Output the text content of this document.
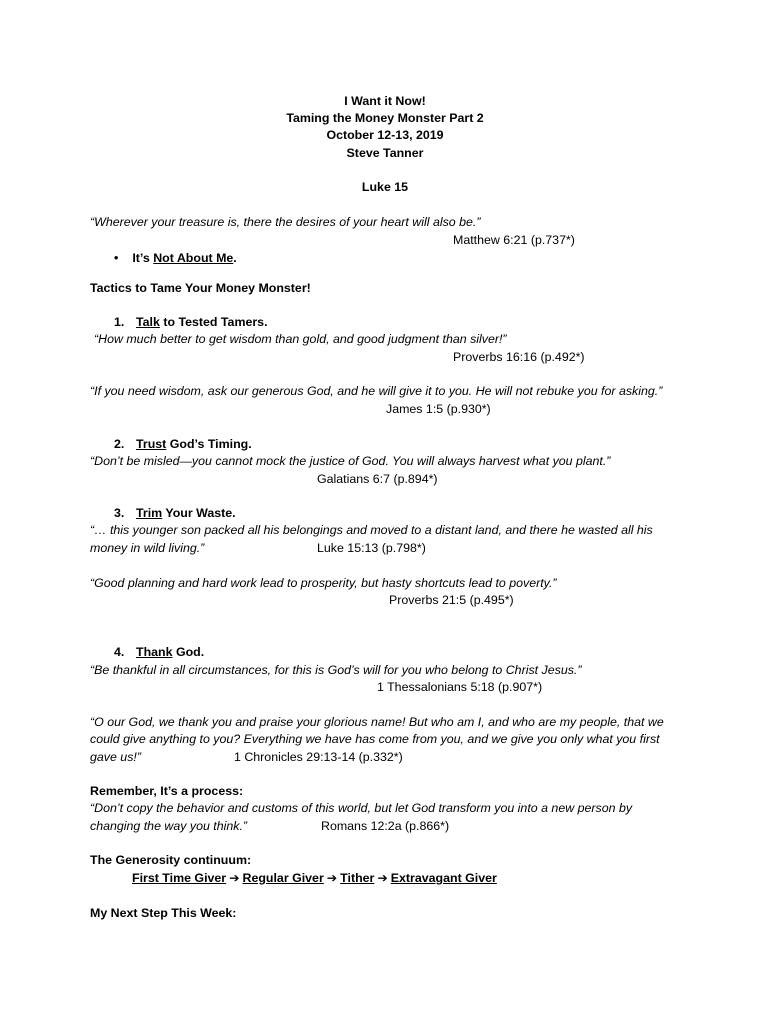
I Want it Now!
Taming the Money Monster Part 2
October 12-13, 2019
Steve Tanner
Luke 15
“Wherever your treasure is, there the desires of your heart will also be.”
Matthew 6:21 (p.737*)
• It’s Not About Me.
Tactics to Tame Your Money Monster!
1. Talk to Tested Tamers.
“How much better to get wisdom than gold, and good judgment than silver!”
Proverbs 16:16 (p.492*)
“If you need wisdom, ask our generous God, and he will give it to you. He will not rebuke you for asking.”
James 1:5 (p.930*)
2. Trust God’s Timing.
“Don’t be misled—you cannot mock the justice of God. You will always harvest what you plant.”
Galatians 6:7 (p.894*)
3. Trim Your Waste.
“… this younger son packed all his belongings and moved to a distant land, and there he wasted all his
money in wild living.”	Luke 15:13 (p.798*)
“Good planning and hard work lead to prosperity, but hasty shortcuts lead to poverty.”
Proverbs 21:5 (p.495*)
4. Thank God.
“Be thankful in all circumstances, for this is God’s will for you who belong to Christ Jesus.”
1 Thessalonians 5:18 (p.907*)
“O our God, we thank you and praise your glorious name! But who am I, and who are my people, that we
could give anything to you? Everything we have has come from you, and we give you only what you first
gave us!”	1 Chronicles 29:13-14 (p.332*)
Remember, It’s a process:
“Don’t copy the behavior and customs of this world, but let God transform you into a new person by
changing the way you think.”	Romans 12:2a (p.866*)
The Generosity continuum:
First Time Giver ➔ Regular Giver ➔ Tither ➔ Extravagant Giver
My Next Step This Week:
